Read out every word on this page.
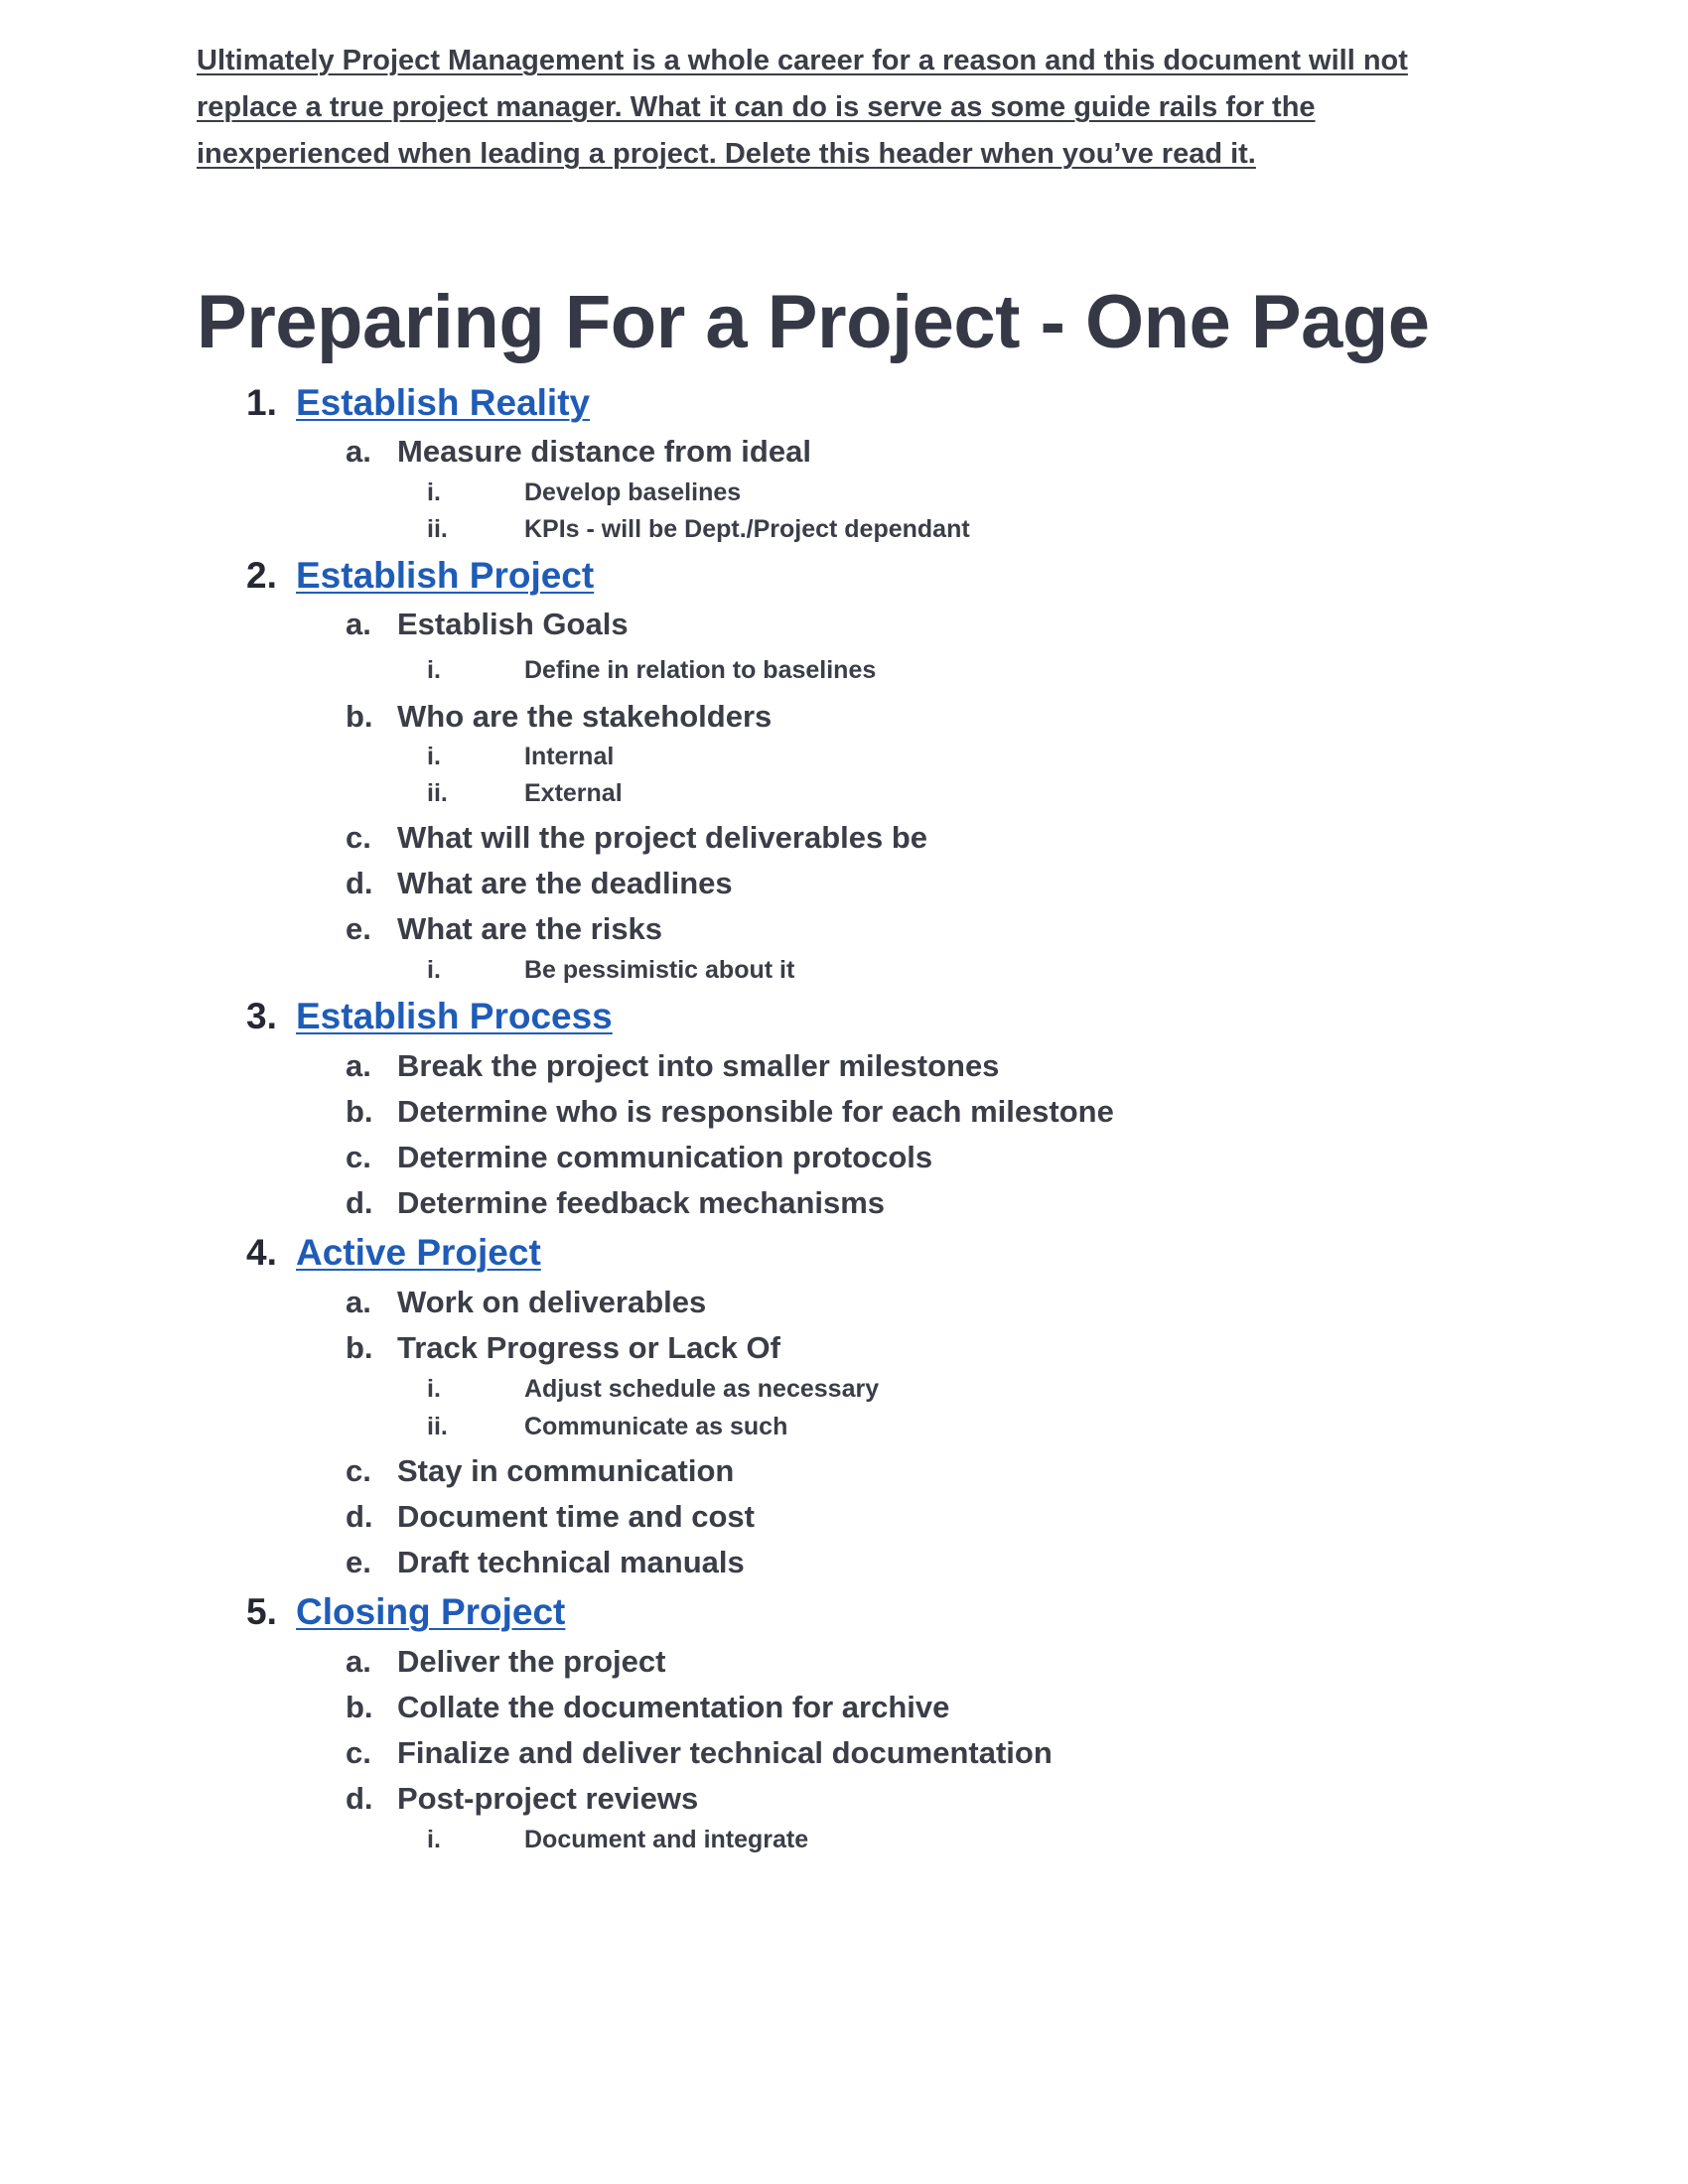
Ultimately Project Management is a whole career for a reason and this document will not replace a true project manager. What it can do is serve as some guide rails for the inexperienced when leading a project. Delete this header when you’ve read it.
Preparing For a Project - One Page
1. Establish Reality
a. Measure distance from ideal
i.	Develop baselines
ii.	KPIs - will be Dept./Project dependant
2. Establish Project
a. Establish Goals
i.	Define in relation to baselines
b. Who are the stakeholders
i.	Internal
ii.	External
c. What will the project deliverables be
d. What are the deadlines
e. What are the risks
i.	Be pessimistic about it
3. Establish Process
a. Break the project into smaller milestones
b. Determine who is responsible for each milestone
c. Determine communication protocols
d. Determine feedback mechanisms
4. Active Project
a. Work on deliverables
b. Track Progress or Lack Of
i.	Adjust schedule as necessary
ii.	Communicate as such
c. Stay in communication
d. Document time and cost
e. Draft technical manuals
5. Closing Project
a. Deliver the project
b. Collate the documentation for archive
c. Finalize and deliver technical documentation
d. Post-project reviews
i.	Document and integrate
